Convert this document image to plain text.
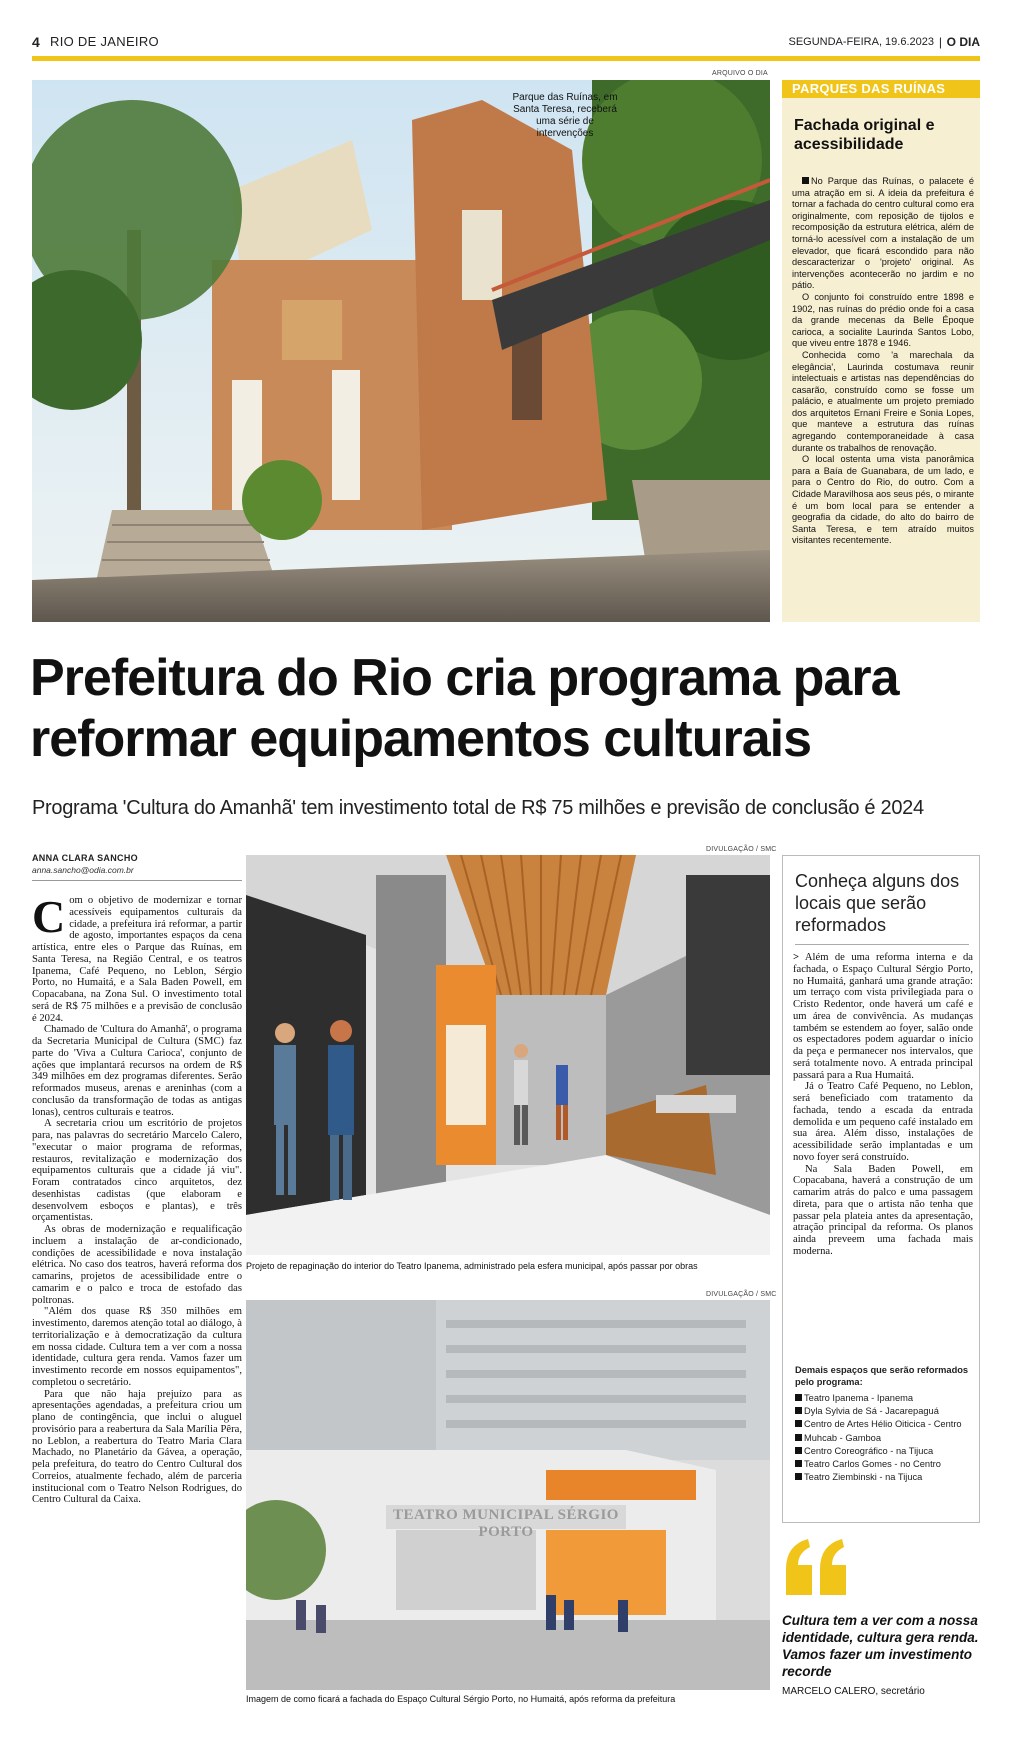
4 RIO DE JANEIRO	SEGUNDA-FEIRA, 19.6.2023 | O DIA
ARQUIVO O DIA
Parque das Ruínas, em Santa Teresa, receberá uma série de intervenções
PARQUES DAS RUÍNAS
Fachada original e acessibilidade

No Parque das Ruínas, o palacete é uma atração em si. A ideia da prefeitura é tornar a fachada do centro cultural como era originalmente, com reposição de tijolos e recomposição da estrutura elétrica, além de torná-lo acessível com a instalação de um elevador, que ficará escondido para não descaracterizar o 'projeto' original. As intervenções acontecerão no jardim e no pátio.

O conjunto foi construído entre 1898 e 1902, nas ruínas do prédio onde foi a casa da grande mecenas da Belle Époque carioca, a socialite Laurinda Santos Lobo, que viveu entre 1878 e 1946.

Conhecida como 'a marechala da elegância', Laurinda costumava reunir intelectuais e artistas nas dependências do casarão, construído como se fosse um palácio, e atualmente um projeto premiado dos arquitetos Ernani Freire e Sonia Lopes, que manteve a estrutura das ruínas agregando contemporaneidade à casa durante os trabalhos de renovação.

O local ostenta uma vista panorâmica para a Baía de Guanabara, de um lado, e para o Centro do Rio, do outro. Com a Cidade Maravilhosa aos seus pés, o mirante é um bom local para se entender a geografia da cidade, do alto do bairro de Santa Teresa, e tem atraído muitos visitantes recentemente.

Prefeitura do Rio cria programa para reformar equipamentos culturais
Programa 'Cultura do Amanhã' tem investimento total de R$ 75 milhões e previsão de conclusão é 2024
ANNA CLARA SANCHO
anna.sancho@odia.com.br

Com o objetivo de modernizar e tornar acessíveis equipamentos culturais da cidade, a prefeitura irá reformar, a partir de agosto, importantes espaços da cena artística, entre eles o Parque das Ruínas, em Santa Teresa, na Região Central, e os teatros Ipanema, Café Pequeno, no Leblon, Sérgio Porto, no Humaitá, e a Sala Baden Powell, em Copacabana, na Zona Sul. O investimento total será de R$ 75 milhões e a previsão de conclusão é 2024.

Chamado de 'Cultura do Amanhã', o programa da Secretaria Municipal de Cultura (SMC) faz parte do 'Viva a Cultura Carioca', conjunto de ações que implantará recursos na ordem de R$ 349 milhões em dez programas diferentes. Serão reformados museus, arenas e areninhas (com a conclusão da transformação de todas as antigas lonas), centros culturais e teatros.

A secretaria criou um escritório de projetos para, nas palavras do secretário Marcelo Calero, "executar o maior programa de reformas, restauros, revitalização e modernização dos equipamentos culturais que a cidade já viu". Foram contratados cinco arquitetos, dez desenhistas cadistas (que elaboram e desenvolvem esboços e plantas), e três orçamentistas.

As obras de modernização e requalificação incluem a instalação de ar-condicionado, condições de acessibilidade e nova instalação elétrica. No caso dos teatros, haverá reforma dos camarins, projetos de acessibilidade entre o camarim e o palco e troca de estofado das poltronas.

"Além dos quase R$ 350 milhões em investimento, daremos atenção total ao diálogo, à territorialização e à democratização da cultura em nossa cidade. Cultura tem a ver com a nossa identidade, cultura gera renda. Vamos fazer um investimento recorde em nossos equipamentos", completou o secretário.

Para que não haja prejuízo para as apresentações agendadas, a prefeitura criou um plano de contingência, que inclui o aluguel provisório para a reabertura da Sala Marília Pêra, no Leblon, a reabertura do Teatro Maria Clara Machado, no Planetário da Gávea, a operação, pela prefeitura, do teatro do Centro Cultural dos Correios, atualmente fechado, além de parceria institucional com o Teatro Nelson Rodrigues, do Centro Cultural da Caixa.

DIVULGAÇÃO / SMC
Projeto de repaginação do interior do Teatro Ipanema, administrado pela esfera municipal, após passar por obras
DIVULGAÇÃO / SMC
TEATRO MUNICIPAL SÉRGIO PORTO
Imagem de como ficará a fachada do Espaço Cultural Sérgio Porto, no Humaitá, após reforma da prefeitura
Conheça alguns dos locais que serão reformados

> Além de uma reforma interna e da fachada, o Espaço Cultural Sérgio Porto, no Humaitá, ganhará uma grande atração: um terraço com vista privilegiada para o Cristo Redentor, onde haverá um café e um área de convivência. As mudanças também se estendem ao foyer, salão onde os espectadores podem aguardar o início da peça e permanecer nos intervalos, que será totalmente novo. A entrada principal passará para a Rua Humaitá.

Já o Teatro Café Pequeno, no Leblon, será beneficiado com tratamento da fachada, tendo a escada da entrada demolida e um pequeno café instalado em sua área. Além disso, instalações de acessibilidade serão implantadas e um novo foyer será construído.

Na Sala Baden Powell, em Copacabana, haverá a construção de um camarim atrás do palco e uma passagem direta, para que o artista não tenha que passar pela plateia antes da apresentação, atração principal da reforma. Os planos ainda preveem uma fachada mais moderna.

Demais espaços que serão reformados pelo programa:
Teatro Ipanema - Ipanema
Dyla Sylvia de Sá - Jacarepaguá
Centro de Artes Hélio Oiticica - Centro
Muhcab - Gamboa
Centro Coreográfico - na Tijuca
Teatro Carlos Gomes - no Centro
Teatro Ziembinski - na Tijuca
Cultura tem a ver com a nossa identidade, cultura gera renda. Vamos fazer um investimento recorde
MARCELO CALERO, secretário
